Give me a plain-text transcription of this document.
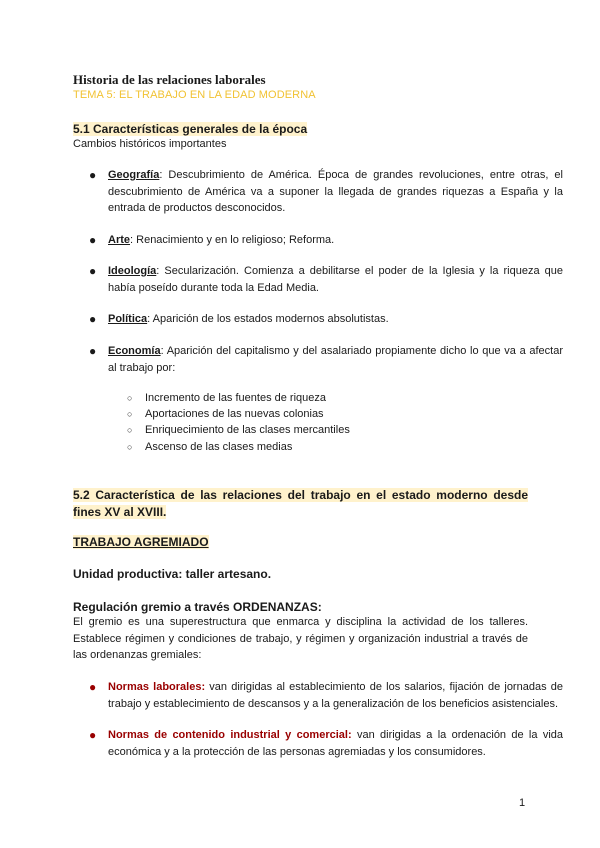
Historia de las relaciones laborales
TEMA 5: EL TRABAJO EN LA EDAD MODERNA
5.1 Características generales de la época
Cambios históricos importantes
● Geografía: Descubrimiento de América. Época de grandes revoluciones, entre otras, el descubrimiento de América va a suponer la llegada de grandes riquezas a España y la entrada de productos desconocidos.
● Arte: Renacimiento y en lo religioso; Reforma.
● Ideología: Secularización. Comienza a debilitarse el poder de la Iglesia y la riqueza que había poseído durante toda la Edad Media.
● Política: Aparición de los estados modernos absolutistas.
● Economía: Aparición del capitalismo y del asalariado propiamente dicho lo que va a afectar al trabajo por:
○ Incremento de las fuentes de riqueza
○ Aportaciones de las nuevas colonias
○ Enriquecimiento de las clases mercantiles
○ Ascenso de las clases medias
5.2 Característica de las relaciones del trabajo en el estado moderno desde fines XV al XVIII.
TRABAJO AGREMIADO
Unidad productiva: taller artesano.
Regulación gremio a través ORDENANZAS:
El gremio es una superestructura que enmarca y disciplina la actividad de los talleres. Establece régimen y condiciones de trabajo, y régimen y organización industrial a través de las ordenanzas gremiales:
● Normas laborales: van dirigidas al establecimiento de los salarios, fijación de jornadas de trabajo y establecimiento de descansos y a la generalización de los beneficios asistenciales.
● Normas de contenido industrial y comercial: van dirigidas a la ordenación de la vida económica y a la protección de las personas agremiadas y los consumidores.
1
